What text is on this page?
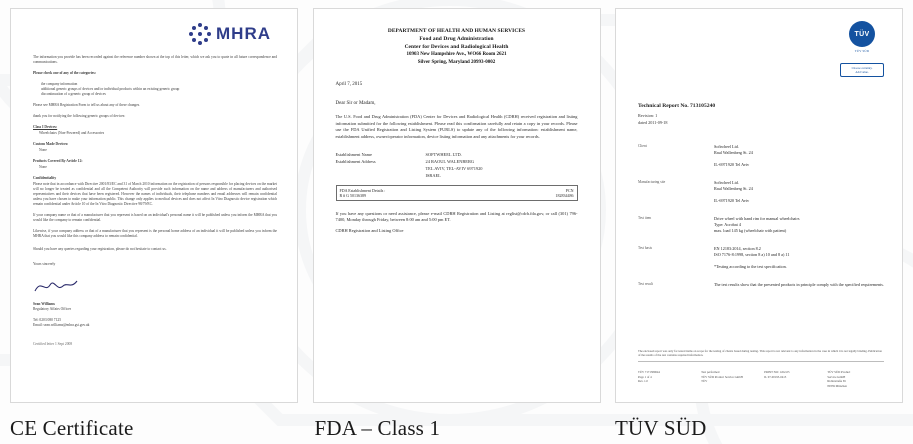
MHRA

The information you provide has been recorded against the reference number shown at the top of this letter, which we ask you to quote in all future correspondence and communications.

Please check one of any of the categories:

the company information
additional generic groups of devices and/or individual products within an existing generic group
discontinuation of a generic group of devices

Please see MHRA Registration Form to tell us about any of these changes.

thank you for notifying the following generic groups of devices:

Class I Devices:

Wheelchairs (Non-Powered) and Accessories

Custom Made Devices:

None

Products Covered By Article 12:

None

Confidentiality

Please note that in accordance with Directive 2001/83/EC and 31 of March 2010 information on the registration of persons responsible for placing devices on the market will no longer be treated as confidential and all the Competent Authority will provide such information on the name and address of manufacturers and authorised representatives and their devices that have been registered. However the names of individuals, their telephone numbers and email addresses will remain confidential unless you have chosen to make your information public. This change only applies to medical devices and does not affect In Vitro Diagnostic device registration which remain confidential under Article 10 of the In Vitro Diagnostic Directive 98/79/EC.

If your company name or that of a manufacturer that you represent is based on an individual's personal name it will be published unless you inform the MHRA that you would like the company to remain confidential.

Likewise, if your company address or that of a manufacturer that you represent is the personal home address of an individual it will be published unless you inform the MHRA that you would like this company address to remain confidential.

Should you have any queries regarding your registration, please do not hesitate to contact us.

Yours sincerely

Sean Williams

Regulatory Affairs Officer

Tel: 0203 080 7125

Email: sean.williams@mhra.gsi.gov.uk

Certified letter 1 Sept 2008

CE Certificate
DEPARTMENT OF HEALTH AND HUMAN SERVICES
Food and Drug Administration
Center for Devices and Radiological Health
10903 New Hampshire Ave., WO66 Room 2621
Silver Spring, Maryland 20993-0002
April 7, 2015
Dear Sir or Madam,
The U.S. Food and Drug Administration (FDA) Center for Devices and Radiological Health (CDRH) received registration and listing information submitted for the following establishment. Please read this confirmation carefully and retain a copy in your records. Please use the FDA Unified Registration and Listing System (FURLS) to update any of the following information: establishment name, establishment address, owner/operator information, device listing information and any attachments for your records.
Establishment Name	SOFTWHEEL LTD.
Establishment Address	24 RAOUL WALENBERG
TEL AVIV, TEL-AVIV 6971920
ISRAEL
FDA Establishment Details :
R # G 50136389
PCN
182834486
If you have any questions or need assistance, please e-mail CDRH Registration and Listing at reglist@cdrh.fda.gov, or call (301) 796-7400, Monday through Friday, between 8:00 am and 5:00 pm ET.
CDRH Registration and Listing Office
FDA – Class 1
TÜV
TÜV SÜD
Choose certainty.
Add value.
Technical Report No. 713105240
Revision: 1
dated 2011-09-18
Client	Softwheel Ltd.
Raul Wallenberg St. 24

IL-6971920 Tel Aviv
Manufacturing site	Softwheel Ltd.
Raul Wallenberg St. 24

IL-6971920 Tel Aviv
Test item	Drive wheel with hand rim for manual wheelchairs
Type: Acrobat 4
max. load 145 kg (wheelchair with patient)
Test basis	EN 12183:2014, section 8.2
ISO 7176-8:1998, section 8 a) 10 and 8 a) 11

*Testing according to the test specification.
Test result	The test results show that the presented products in principle comply with the specified requirements.
The enclosed report was only for tested items on scope for the testing of clients based during testing. This report is not relevant to any information in the case in which it is not legally binding. Publication of the results of the test contains required information.
TÜV 7171380644
Page 1 of 4
Rev. 1.0
Test performed
TÜV SÜD Product Service GmbH
TÜV
PRINT NO: 1452-05
IL 07-00195-0413
TÜV SÜD Product
Service GmbH
Ridlerstraße 65
80339 München
TÜV SÜD
